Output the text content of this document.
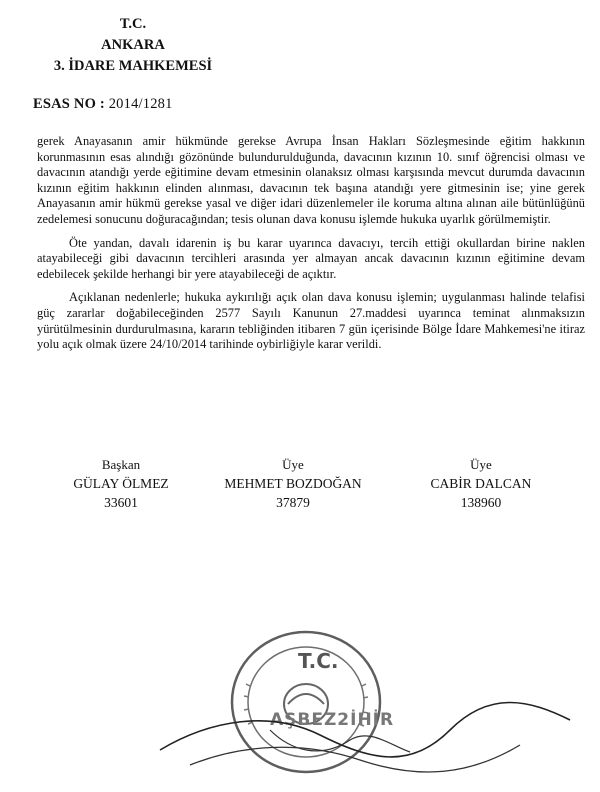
T.C.
ANKARA
3. İDARE MAHKEMESİ
ESAS NO : 2014/1281

gerek Anayasanın amir hükmünde gerekse Avrupa İnsan Hakları Sözleşmesinde eğitim hakkının korunmasının esas alındığı gözönünde bulundurulduğunda, davacının kızının 10. sınıf öğrencisi olması ve davacının atandığı yerde eğitimine devam etmesinin olanaksız olması karşısında mevcut durumda davacının kızının eğitim hakkının elinden alınması, davacının tek başına atandığı yere gitmesinin ise; yine gerek Anayasanın amir hükmü gerekse yasal ve diğer idari düzenlemeler ile koruma altına alınan aile bütünlüğünü zedelemesi sonucunu doğuracağından; tesis olunan dava konusu işlemde hukuka uyarlık görülmemiştir.

Öte yandan, davalı idarenin iş bu karar uyarınca davacıyı, tercih ettiği okullardan birine naklen atayabileceği gibi davacının tercihleri arasında yer almayan ancak davacının kızının eğitimine devam edebilecek şekilde herhangi bir yere atayabileceği de açıktır.

Açıklanan nedenlerle; hukuka aykırılığı açık olan dava konusu işlemin; uygulanması halinde telafisi güç zararlar doğabileceğinden 2577 Sayılı Kanunun 27.maddesi uyarınca teminat alınmaksızın yürütülmesinin durdurulmasına, kararın tebliğinden itibaren 7 gün içerisinde Bölge İdare Mahkemesi'ne itiraz yolu açık olmak üzere 24/10/2014 tarihinde oybirliğiyle karar verildi.

Başkan
GÜLAY ÖLMEZ
33601
Üye
MEHMET BOZDOĞAN
37879
Üye
CABİR DALCAN
138960
T.C.
AŞBEZ2İHİR
